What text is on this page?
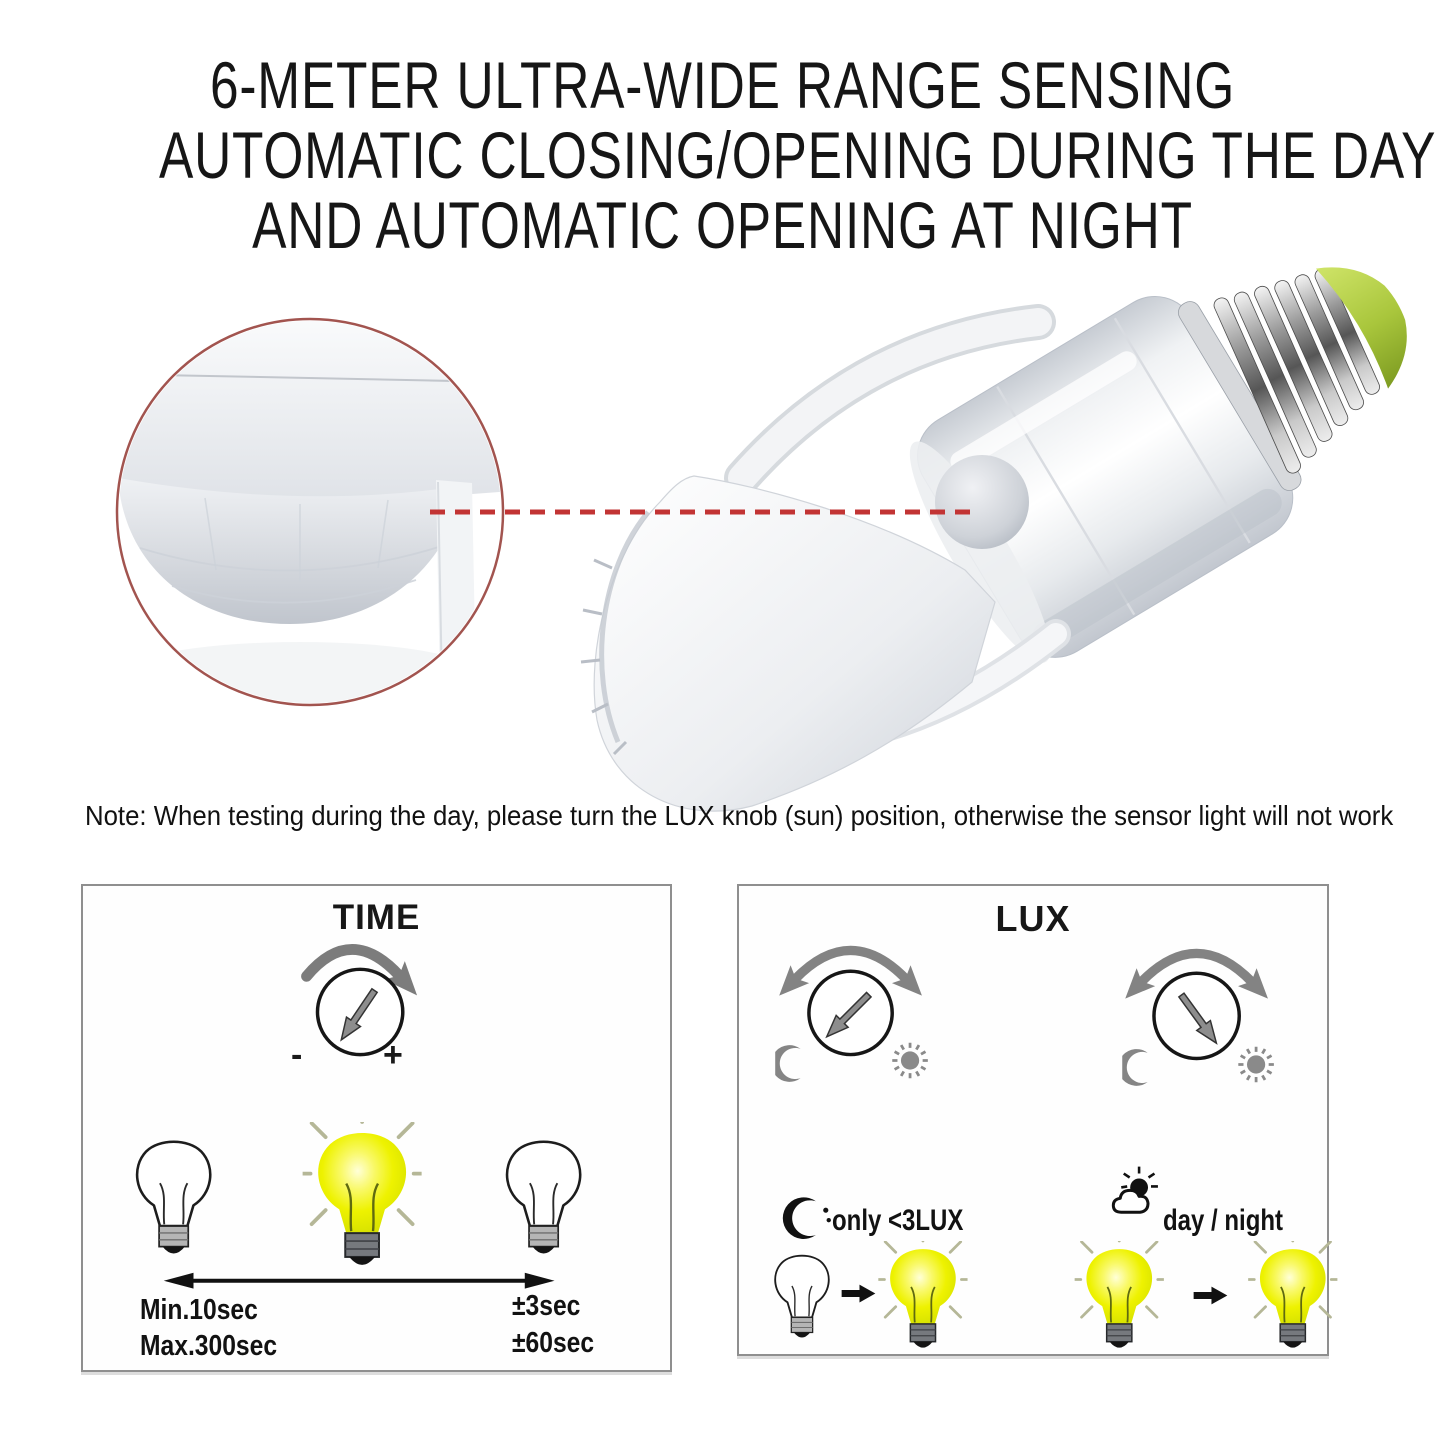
6-METER ULTRA-WIDE RANGE SENSING
AUTOMATIC CLOSING/OPENING DURING THE DAY
AND AUTOMATIC OPENING AT NIGHT
Note: When testing during the day, please turn the LUX knob (sun) position, otherwise the sensor light will not work
TIME
- +
Min.10sec
Max.300sec
±3sec
±60sec
LUX
only <3LUX	day / night
